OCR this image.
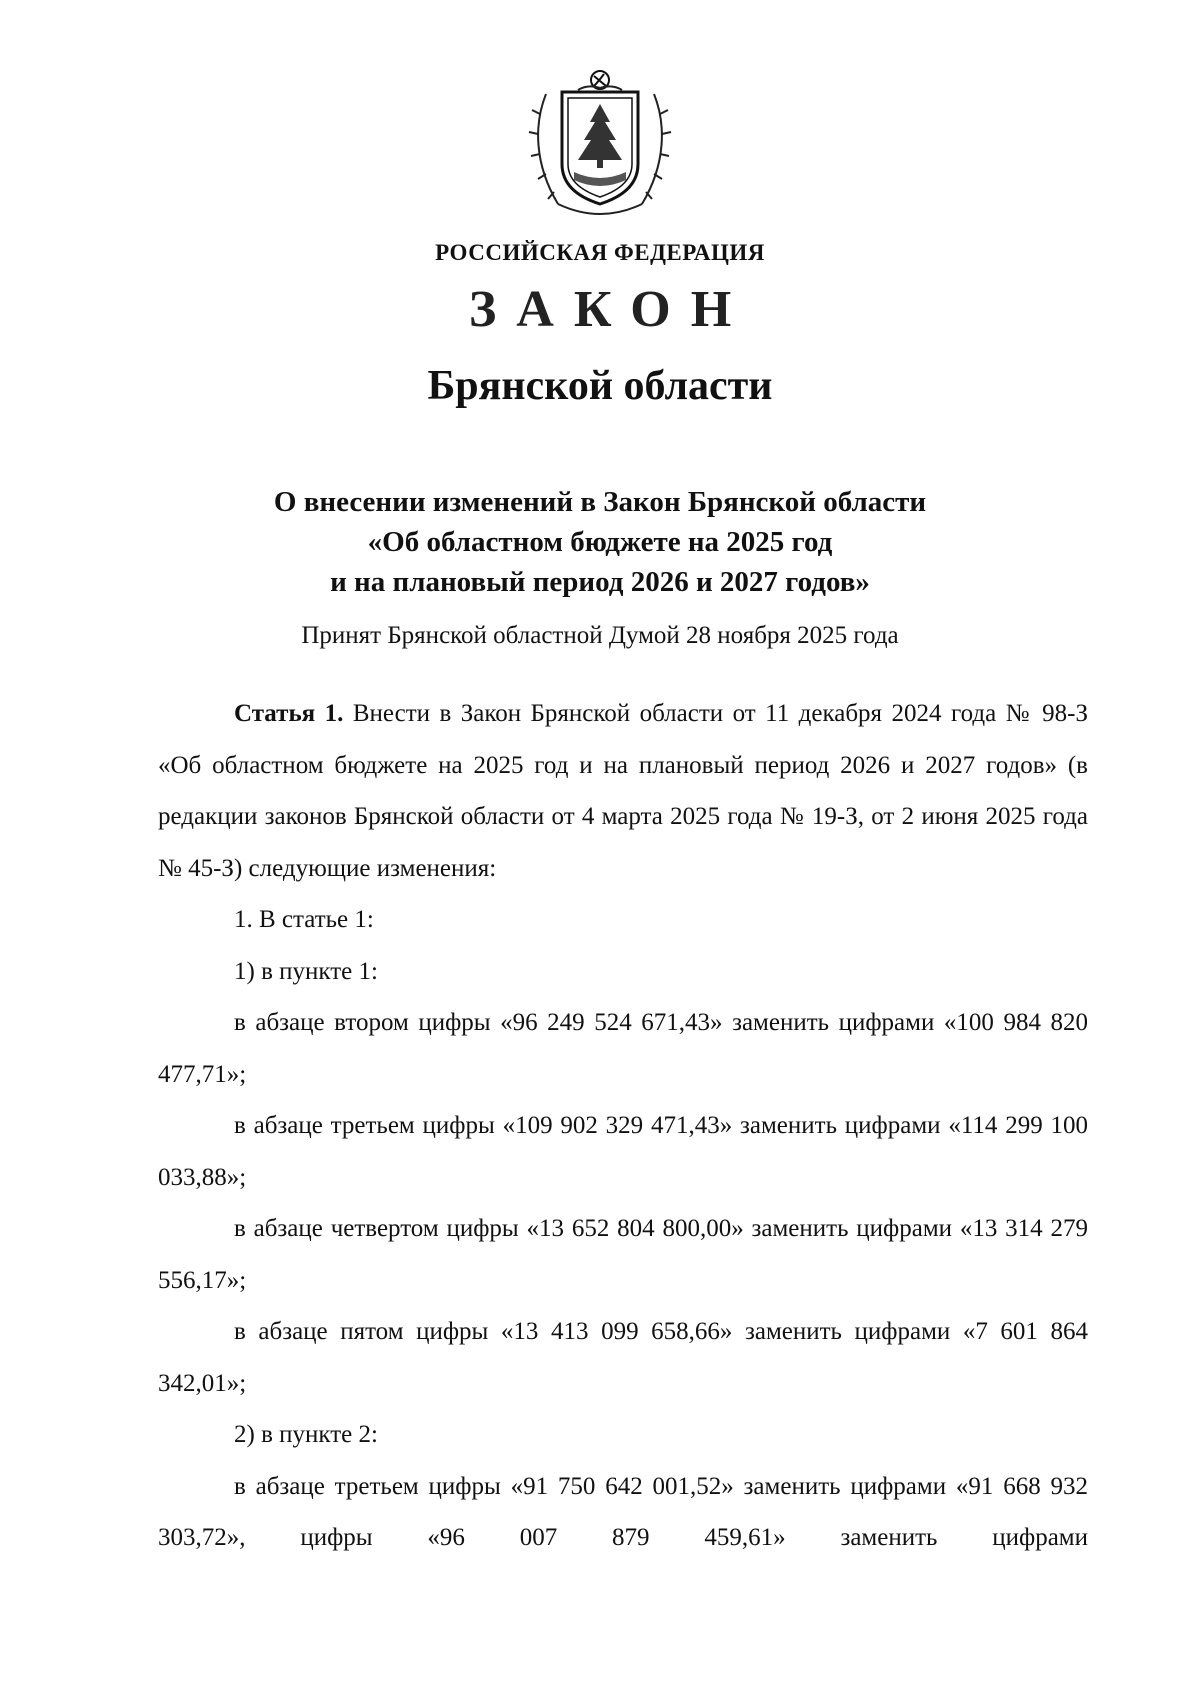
РОССИЙСКАЯ ФЕДЕРАЦИЯ
ЗАКОН
Брянской области
О внесении изменений в Закон Брянской области
«Об областном бюджете на 2025 год
и на плановый период 2026 и 2027 годов»
Принят Брянской областной Думой 28 ноября 2025 года

Статья 1. Внести в Закон Брянской области от 11 декабря 2024 года № 98-З «Об областном бюджете на 2025 год и на плановый период 2026 и 2027 годов» (в редакции законов Брянской области от 4 марта 2025 года № 19-З, от 2 июня 2025 года № 45-З) следующие изменения:

1. В статье 1:

1) в пункте 1:

в абзаце втором цифры «96 249 524 671,43» заменить цифрами «100 984 820 477,71»;

в абзаце третьем цифры «109 902 329 471,43» заменить цифрами «114 299 100 033,88»;

в абзаце четвертом цифры «13 652 804 800,00» заменить цифрами «13 314 279 556,17»;

в абзаце пятом цифры «13 413 099 658,66» заменить цифрами «7 601 864 342,01»;

2) в пункте 2:

в абзаце третьем цифры «91 750 642 001,52» заменить цифрами «91 668 932 303,72», цифры «96 007 879 459,61» заменить цифрами
